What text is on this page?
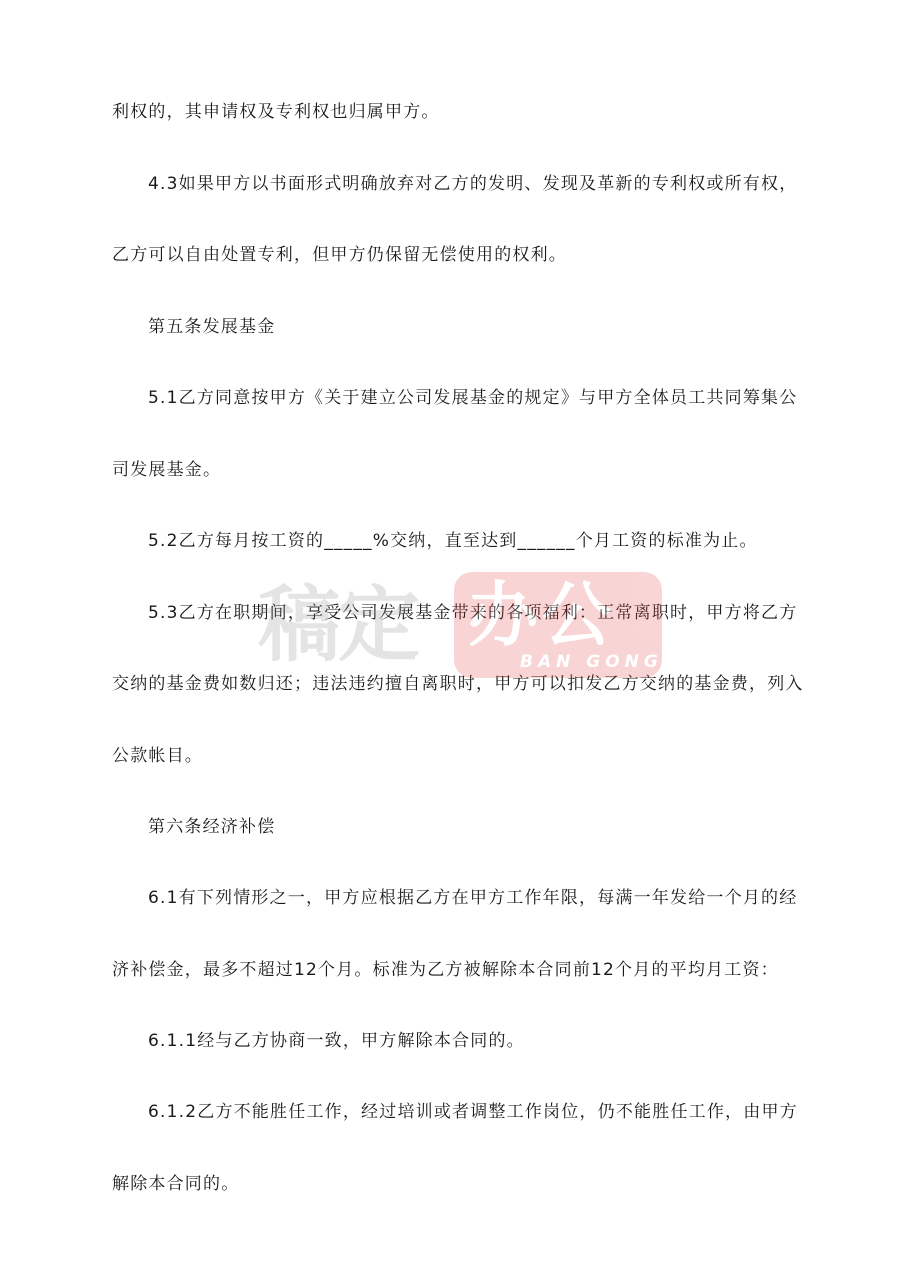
利权的，其申请权及专利权也归属甲方。

4.3如果甲方以书面形式明确放弃对乙方的发明、发现及革新的专利权或所有权，

乙方可以自由处置专利，但甲方仍保留无偿使用的权利。

第五条发展基金

5.1乙方同意按甲方《关于建立公司发展基金的规定》与甲方全体员工共同筹集公

司发展基金。

5.2乙方每月按工资的_____%交纳，直至达到______个月工资的标准为止。

5.3乙方在职期间，享受公司发展基金带来的各项福利：正常离职时，甲方将乙方

交纳的基金费如数归还；违法违约擅自离职时，甲方可以扣发乙方交纳的基金费，列入

公款帐目。

第六条经济补偿

6.1有下列情形之一，甲方应根据乙方在甲方工作年限，每满一年发给一个月的经

济补偿金，最多不超过12个月。标准为乙方被解除本合同前12个月的平均月工资：

6.1.1经与乙方协商一致，甲方解除本合同的。

6.1.2乙方不能胜任工作，经过培训或者调整工作岗位，仍不能胜任工作，由甲方

解除本合同的。

稿定 办公
BAN GONG
